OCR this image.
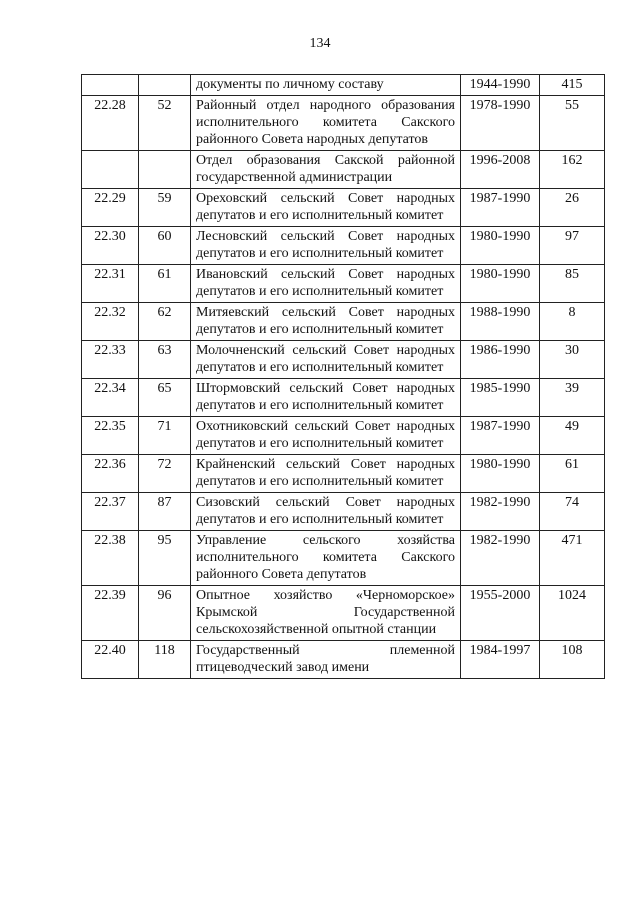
134
		документы по личному составу	1944-1990	415
22.28	52	Районный отдел народного образования исполнительного комитета Сакского районного Совета народных депутатов	1978-1990	55
		Отдел образования Сакской районной государственной администрации	1996-2008	162
22.29	59	Ореховский сельский Совет народных депутатов и его исполнительный комитет	1987-1990	26
22.30	60	Лесновский сельский Совет народных депутатов и его исполнительный комитет	1980-1990	97
22.31	61	Ивановский сельский Совет народных депутатов и его исполнительный комитет	1980-1990	85
22.32	62	Митяевский сельский Совет народных депутатов и его исполнительный комитет	1988-1990	8
22.33	63	Молочненский сельский Совет народных депутатов и его исполнительный комитет	1986-1990	30
22.34	65	Штормовский сельский Совет народных депутатов и его исполнительный комитет	1985-1990	39
22.35	71	Охотниковский сельский Совет народных депутатов и его исполнительный комитет	1987-1990	49
22.36	72	Крайненский сельский Совет народных депутатов и его исполнительный комитет	1980-1990	61
22.37	87	Сизовский сельский Совет народных депутатов и его исполнительный комитет	1982-1990	74
22.38	95	Управление сельского хозяйства исполнительного комитета Сакского районного Совета депутатов	1982-1990	471
22.39	96	Опытное хозяйство «Черноморское» Крымской Государственной сельскохозяйственной опытной станции	1955-2000	1024
22.40	118	Государственный племенной птицеводческий завод имени	1984-1997	108
